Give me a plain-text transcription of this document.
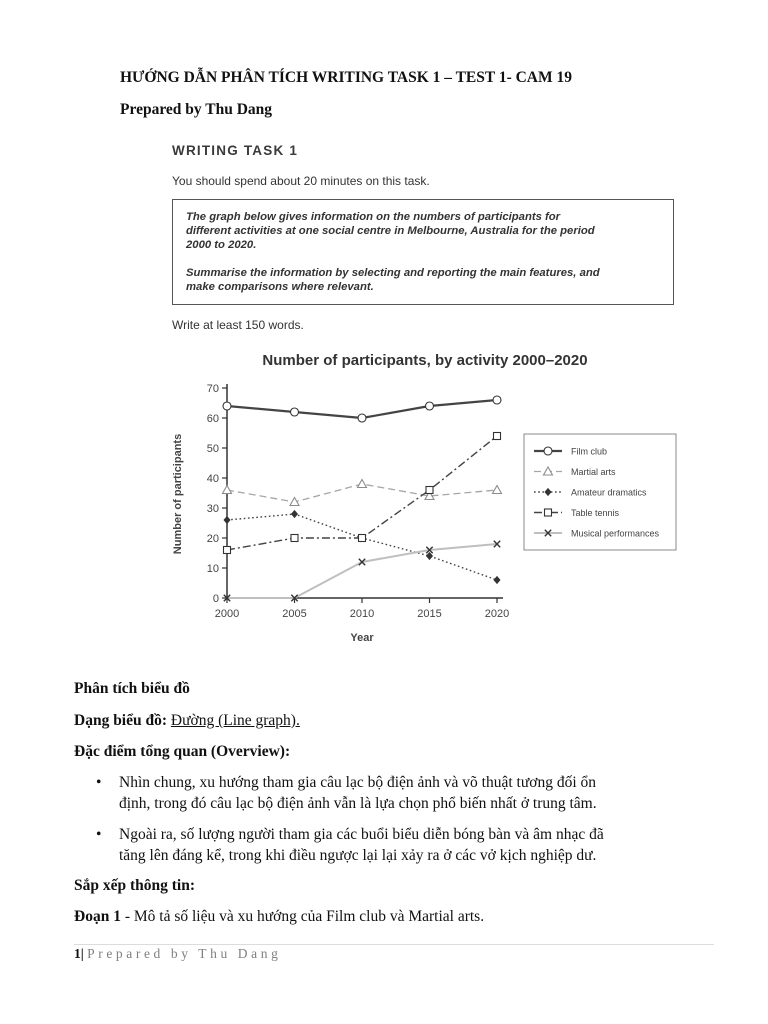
HƯỚNG DẪN PHÂN TÍCH WRITING TASK 1 – TEST 1- CAM 19
Prepared by Thu Dang
WRITING TASK 1
You should spend about 20 minutes on this task.

The graph below gives information on the numbers of participants for
different activities at one social centre in Melbourne, Australia for the period
2000 to 2020.

Summarise the information by selecting and reporting the main features, and
make comparisons where relevant.

Write at least 150 words.
Number of participants, by activity 2000–2020
Number of participants
Year
0
10
20
30
40
50
60
70
2000	2005	2010	2015	2020
Film club
Martial arts
Amateur dramatics
Table tennis
Musical performances
Phân tích biểu đồ
Dạng biểu đồ: Đường (Line graph).
Đặc điểm tổng quan (Overview):
• Nhìn chung, xu hướng tham gia câu lạc bộ điện ảnh và võ thuật tương đối ổn
định, trong đó câu lạc bộ điện ảnh vẫn là lựa chọn phổ biến nhất ở trung tâm.
• Ngoài ra, số lượng người tham gia các buổi biểu diễn bóng bàn và âm nhạc đã
tăng lên đáng kể, trong khi điều ngược lại lại xảy ra ở các vở kịch nghiệp dư.
Sắp xếp thông tin:
Đoạn 1 - Mô tả số liệu và xu hướng của Film club và Martial arts.
1| Prepared by Thu Dang
